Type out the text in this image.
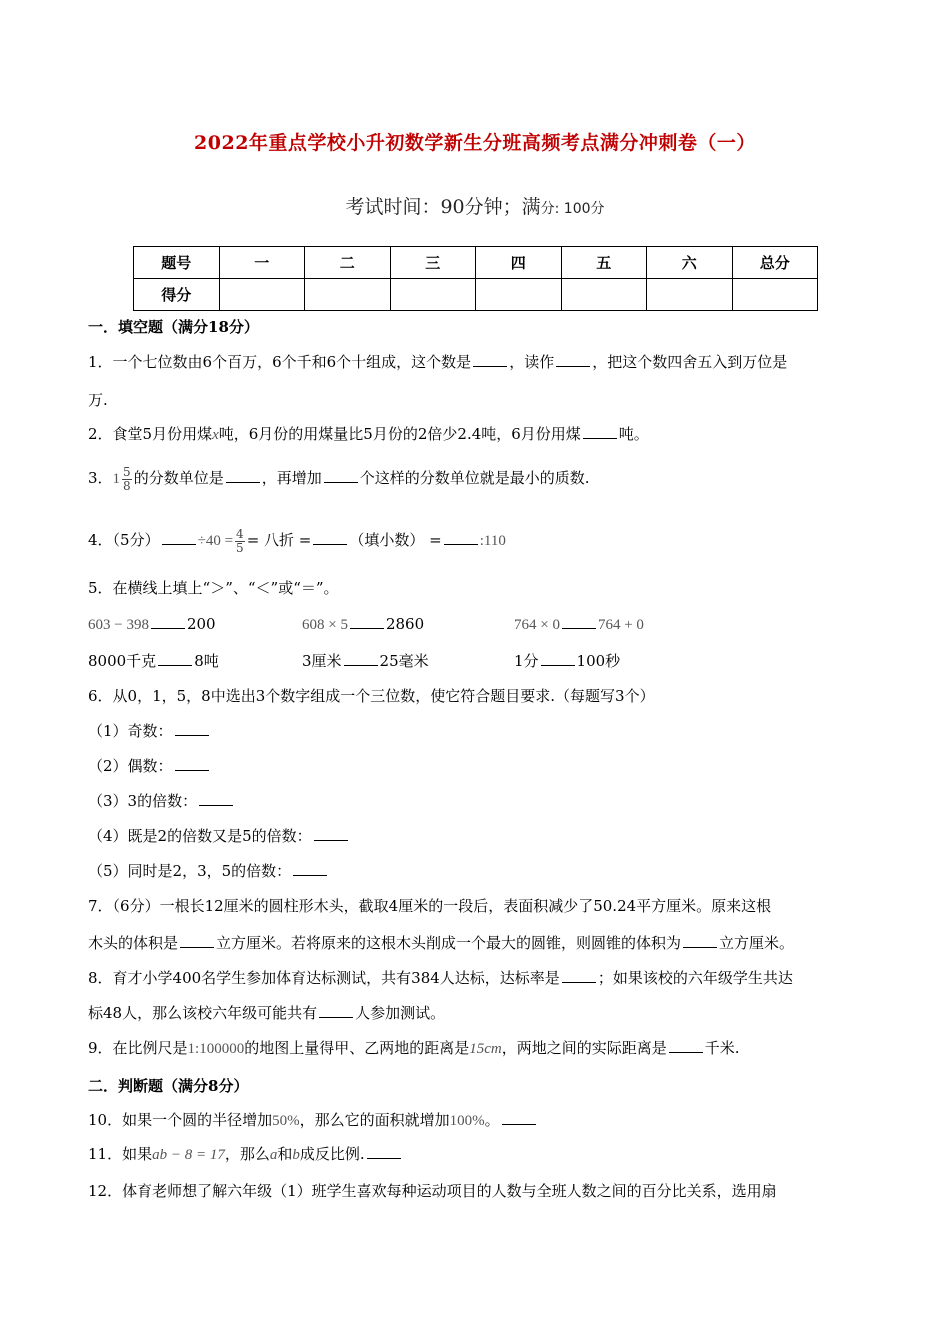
2022年重点学校小升初数学新生分班高频考点满分冲刺卷（一）
考试时间：90分钟；满分: 100分
题号	一	二	三	四	五	六	总分
得分							
一．填空题（满分18分）
1．一个七位数由6个百万，6个千和6个十组成，这个数是	，读作	，把这个数四舍五入到万位是
万.
2．食堂5月份用煤x吨，6月份的用煤量比5月份的2倍少2.4吨，6月份用煤	吨。
3．$1 \frac{5}{8}$ 的分数单位是	，再增加	个这样的分数单位就是最小的质数.
4．（5分）	$\div 40 = \frac{4}{5}$ = 八折 =	（填小数） =	:110
5．在横线上填上“＞”、“＜”或“＝”。
603 − 398	200	608 × 5	2860	764 × 0	764 + 0
8000千克	8吨	3厘米	25毫米	1分	100秒
6．从0，1，5，8中选出3个数字组成一个三位数，使它符合题目要求.（每题写3个）
（1）奇数：
（2）偶数：
（3）3的倍数：
（4）既是2的倍数又是5的倍数：
（5）同时是2，3，5的倍数：
7．（6分）一根长12厘米的圆柱形木头，截取4厘米的一段后，表面积减少了50.24平方厘米。原来这根
木头的体积是	立方厘米。若将原来的这根木头削成一个最大的圆锥，则圆锥的体积为	立方厘米。
8．育才小学400名学生参加体育达标测试，共有384人达标，达标率是	；如果该校的六年级学生共达
标48人，那么该校六年级可能共有	人参加测试。
9．在比例尺是1:100000的地图上量得甲、乙两地的距离是15cm，两地之间的实际距离是	千米.
二．判断题（满分8分）
10．如果一个圆的半径增加50%，那么它的面积就增加100%。
11．如果ab − 8 = 17，那么a和b成反比例.
12．体育老师想了解六年级（1）班学生喜欢每种运动项目的人数与全班人数之间的百分比关系，选用扇
